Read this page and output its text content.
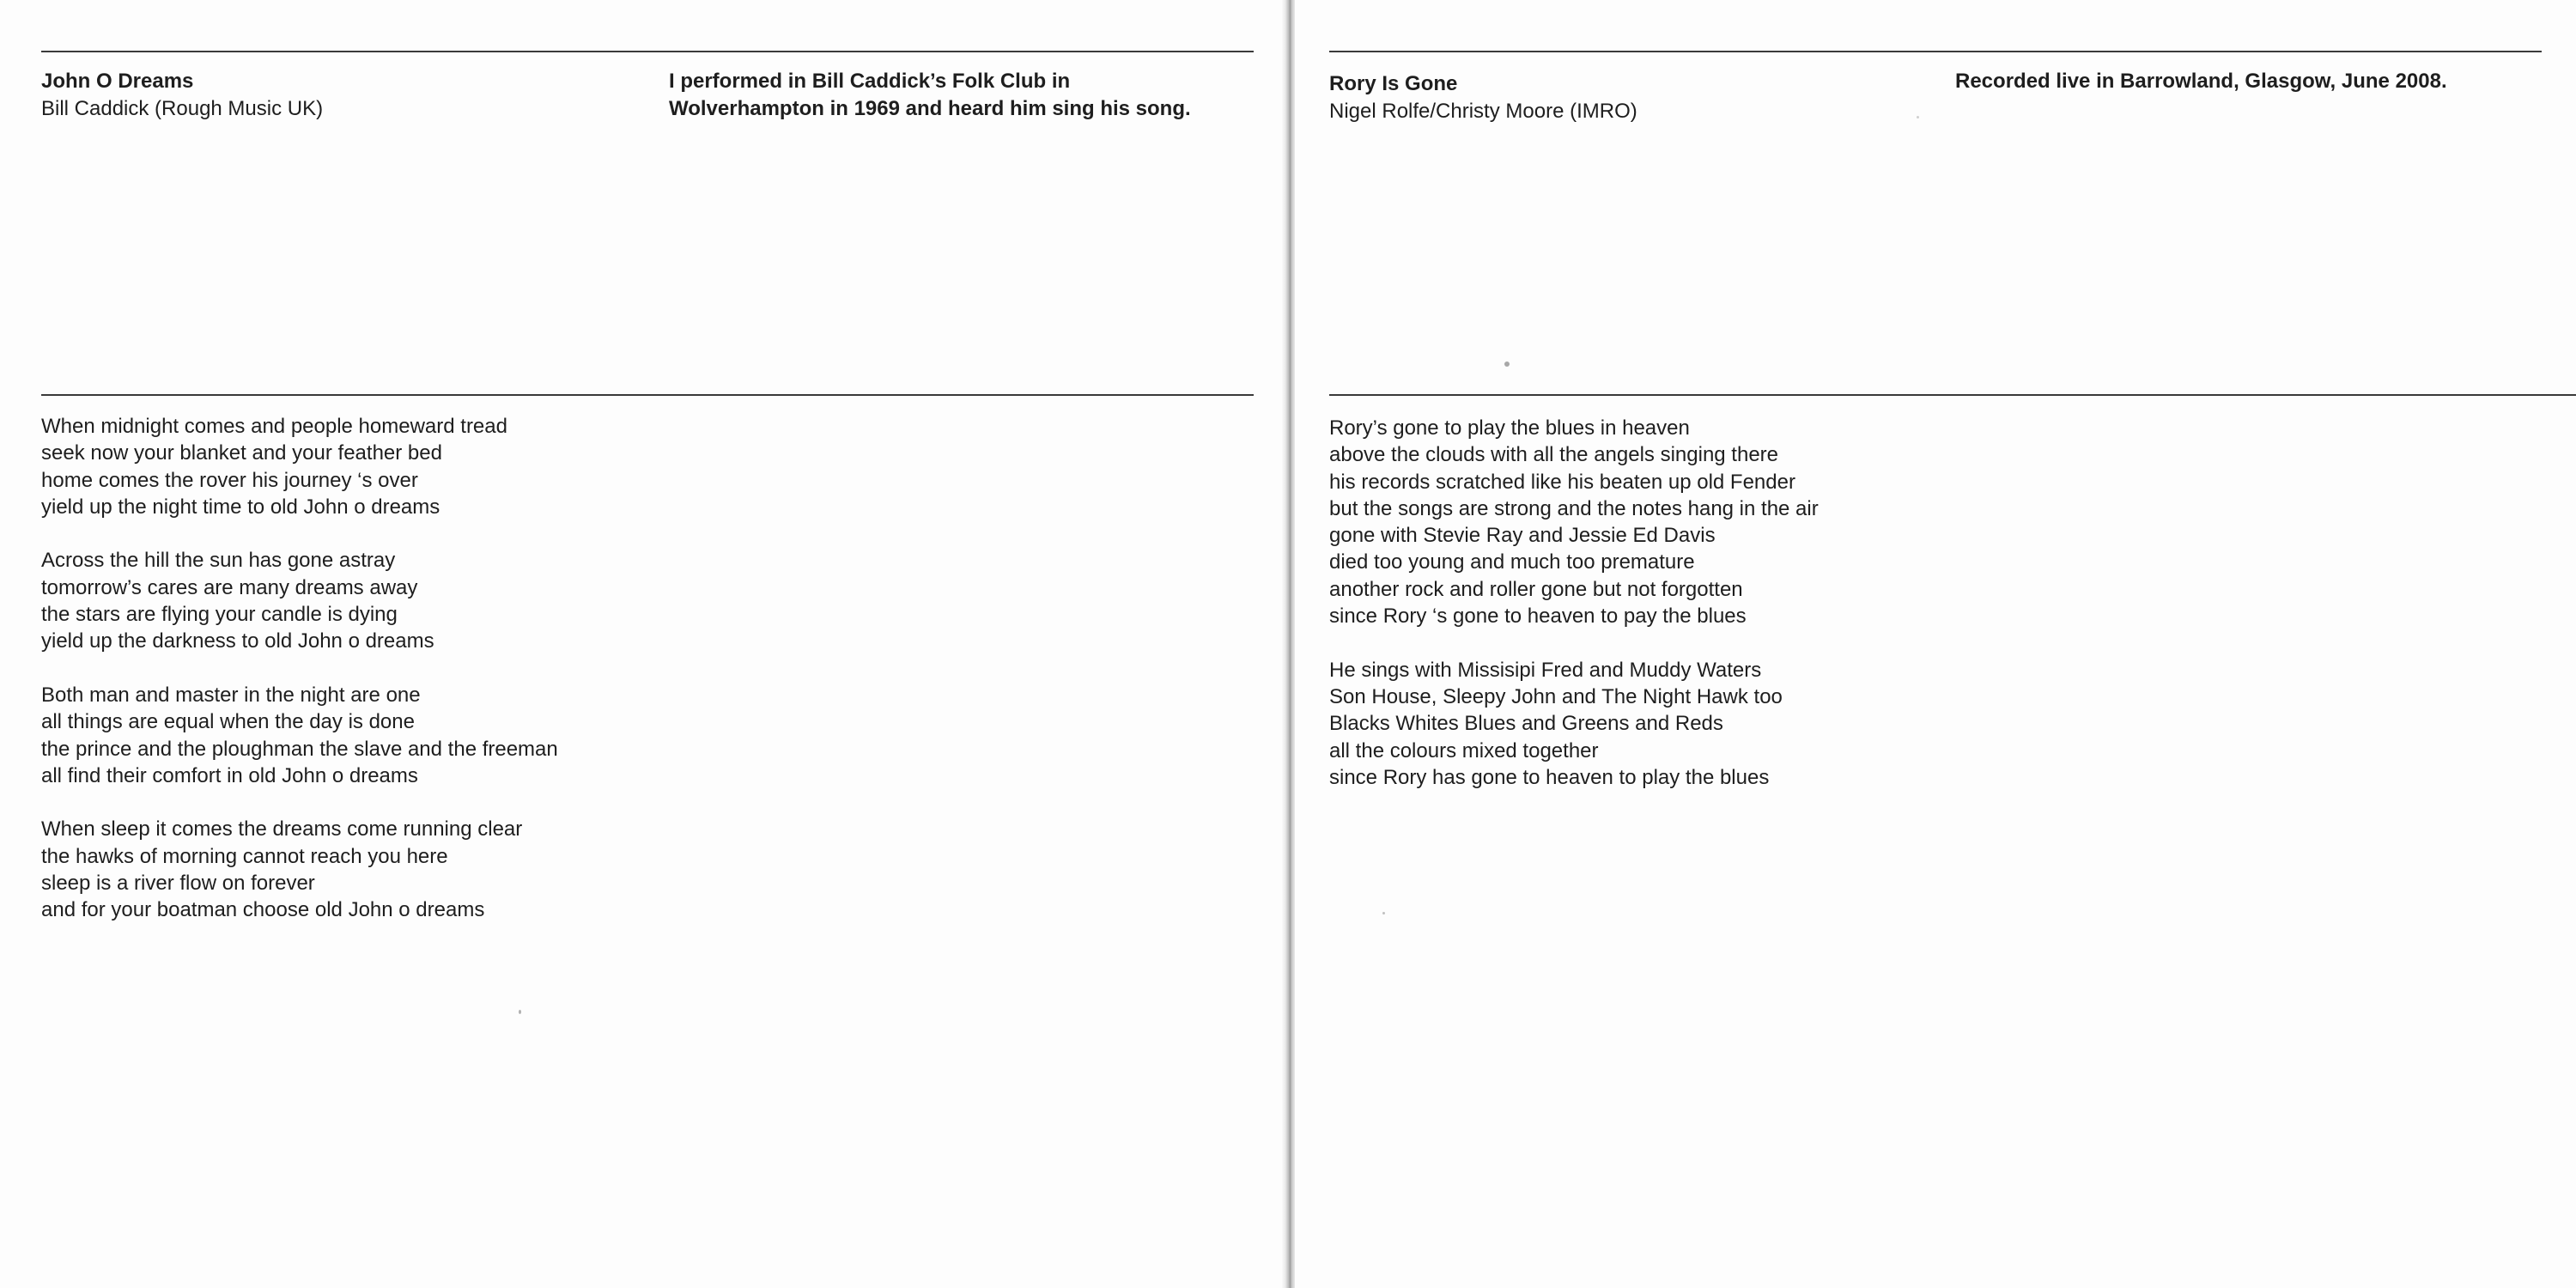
John O Dreams
Bill Caddick (Rough Music UK)
I performed in Bill Caddick’s Folk Club in
Wolverhampton in 1969 and heard him sing his song.
When midnight comes and people homeward tread
seek now your blanket and your feather bed
home comes the rover his journey ‘s over
yield up the night time to old John o dreams
Across the hill the sun has gone astray
tomorrow’s cares are many dreams away
the stars are flying your candle is dying
yield up the darkness to old John o dreams
Both man and master in the night are one
all things are equal when the day is done
the prince and the ploughman the slave and the freeman
all find their comfort in old John o dreams
When sleep it comes the dreams come running clear
the hawks of morning cannot reach you here
sleep is a river flow on forever
and for your boatman choose old John o dreams
Rory Is Gone
Nigel Rolfe/Christy Moore (IMRO)
Recorded live in Barrowland, Glasgow, June 2008.
Rory’s gone to play the blues in heaven
above the clouds with all the angels singing there
his records scratched like his beaten up old Fender
but the songs are strong and the notes hang in the air
gone with Stevie Ray and Jessie Ed Davis
died too young and much too premature
another rock and roller gone but not forgotten
since Rory ‘s gone to heaven to pay the blues
He sings with Missisipi Fred and Muddy Waters
Son House, Sleepy John and The Night Hawk too
Blacks Whites Blues and Greens and Reds
all the colours mixed together
since Rory has gone to heaven to play the blues
